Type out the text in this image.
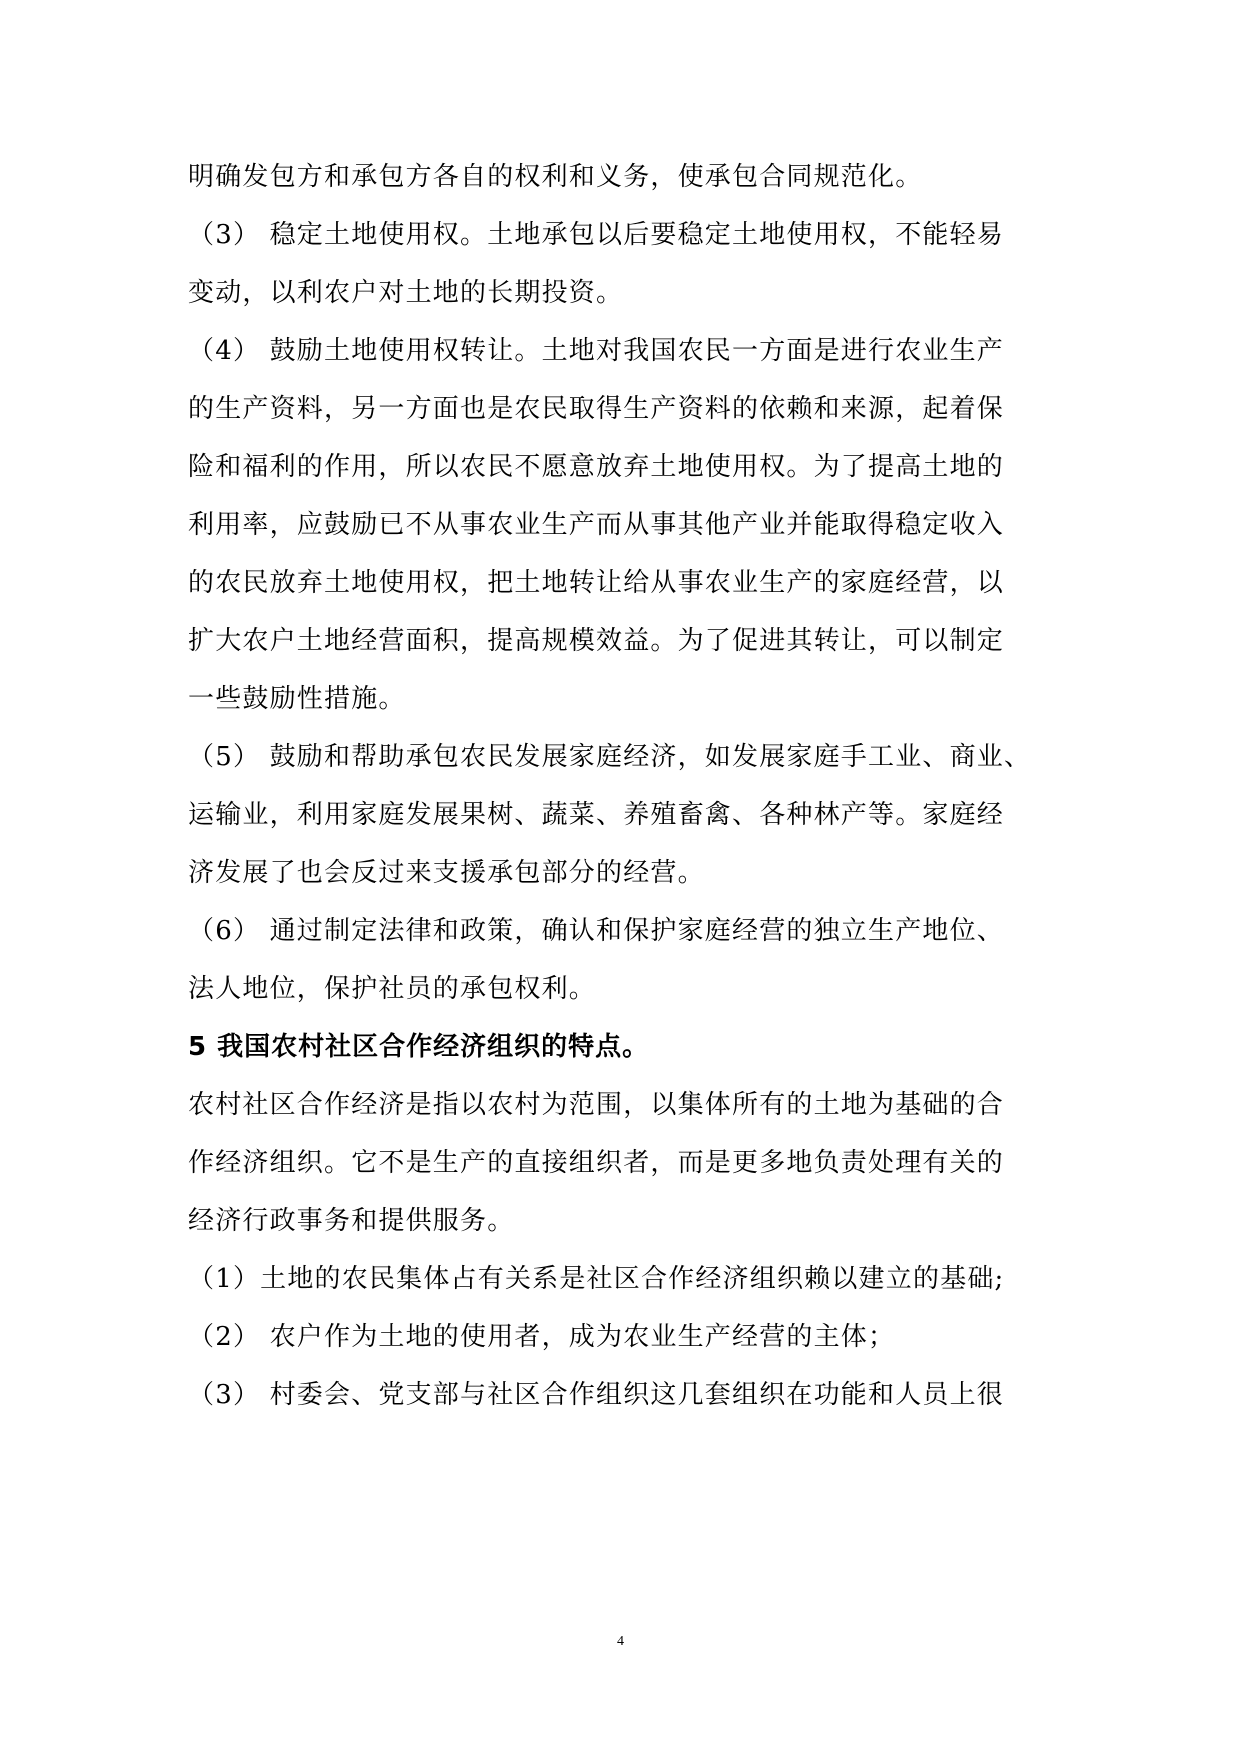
明确发包方和承包方各自的权利和义务，使承包合同规范化。
（3） 稳定土地使用权。土地承包以后要稳定土地使用权，不能轻易
变动，以利农户对土地的长期投资。
（4） 鼓励土地使用权转让。土地对我国农民一方面是进行农业生产
的生产资料，另一方面也是农民取得生产资料的依赖和来源，起着保
险和福利的作用，所以农民不愿意放弃土地使用权。为了提高土地的
利用率，应鼓励已不从事农业生产而从事其他产业并能取得稳定收入
的农民放弃土地使用权，把土地转让给从事农业生产的家庭经营，以
扩大农户土地经营面积，提高规模效益。为了促进其转让，可以制定
一些鼓励性措施。
（5） 鼓励和帮助承包农民发展家庭经济，如发展家庭手工业、商业、
运输业，利用家庭发展果树、蔬菜、养殖畜禽、各种林产等。家庭经
济发展了也会反过来支援承包部分的经营。
（6） 通过制定法律和政策，确认和保护家庭经营的独立生产地位、
法人地位，保护社员的承包权利。
5 我国农村社区合作经济组织的特点。
农村社区合作经济是指以农村为范围，以集体所有的土地为基础的合
作经济组织。它不是生产的直接组织者，而是更多地负责处理有关的
经济行政事务和提供服务。
（1）土地的农民集体占有关系是社区合作经济组织赖以建立的基础;
（2） 农户作为土地的使用者，成为农业生产经营的主体；
（3） 村委会、党支部与社区合作组织这几套组织在功能和人员上很
4
